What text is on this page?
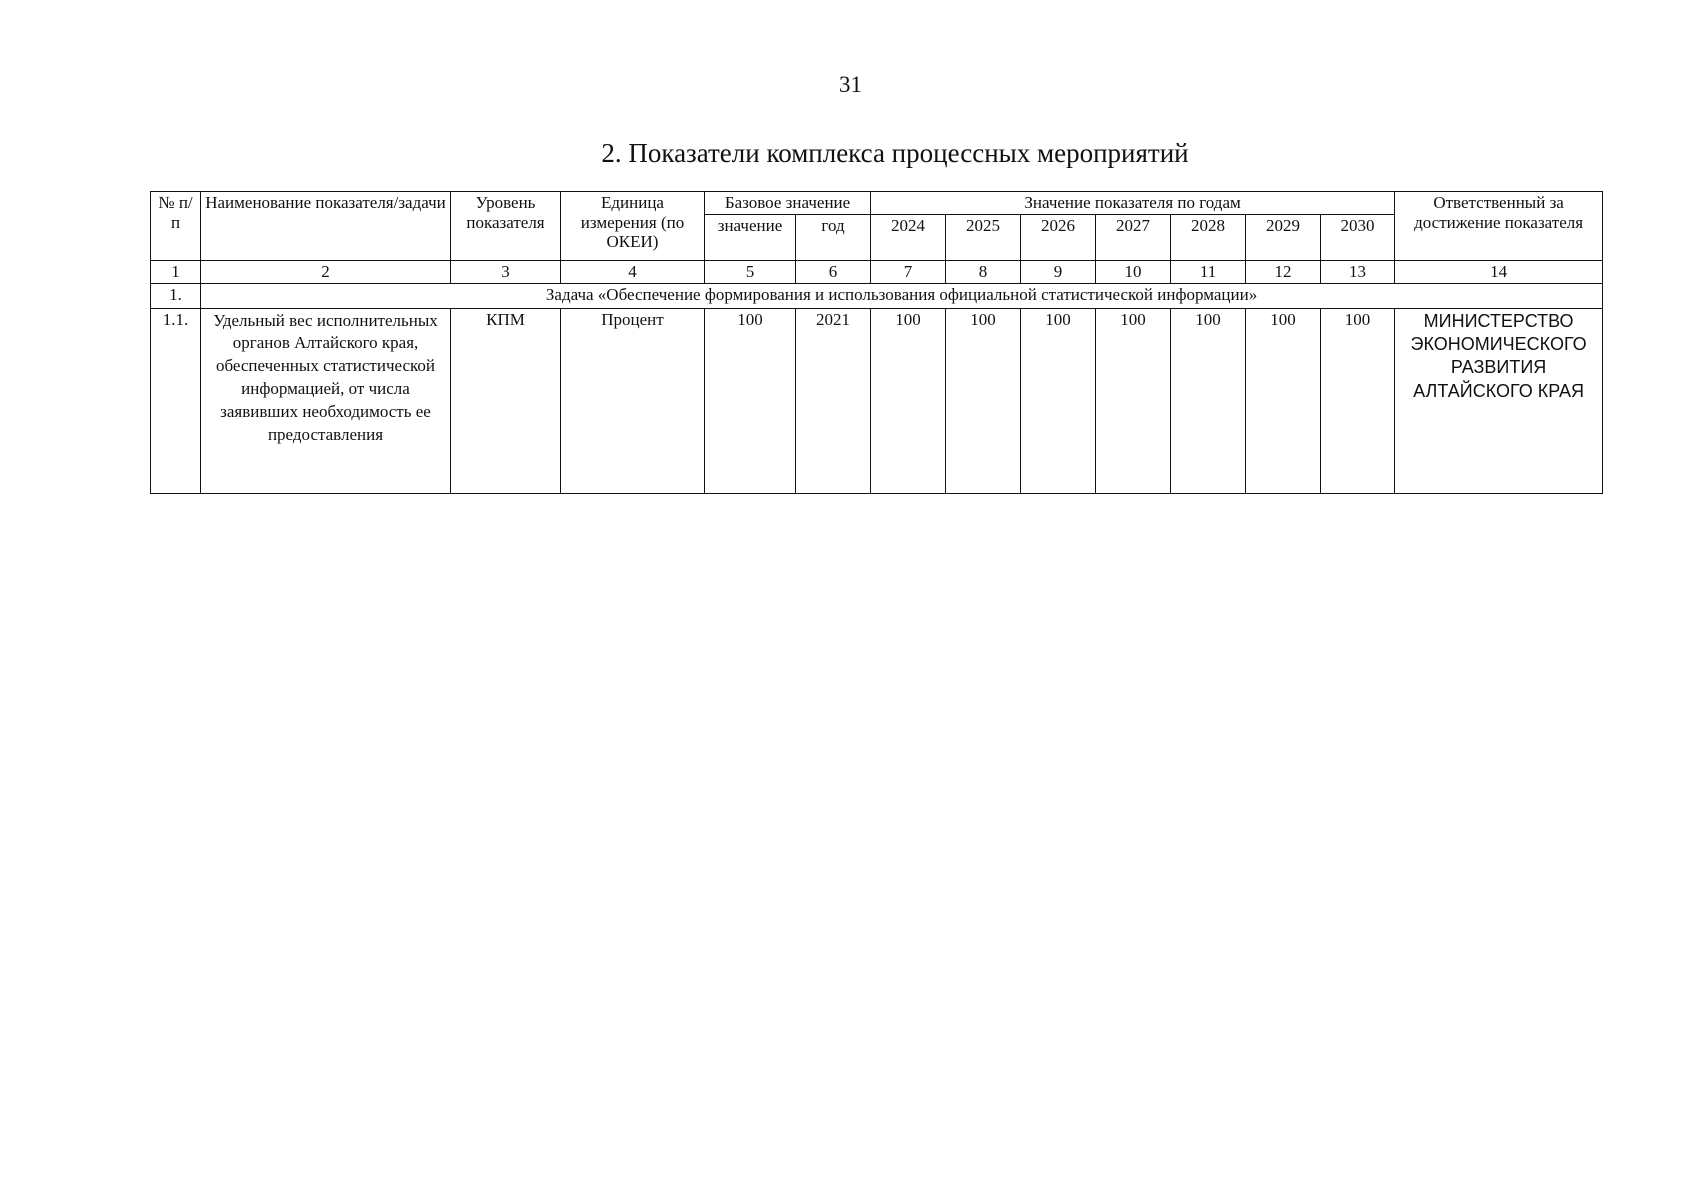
31
2. Показатели комплекса процессных мероприятий
№ п/п	Наименование показателя/задачи	Уровень показателя	Единица измерения (по ОКЕИ)	Базовое значение		Значение показателя по годам							Ответственный за достижение показателя
				значение	год	2024	2025	2026	2027	2028	2029	2030	
1	2	3	4	5	6	7	8	9	10	11	12	13	14
1.	Задача «Обеспечение формирования и использования официальной статистической информации»												
1.1.	Удельный вес исполнительных органов Алтайского края, обеспеченных статистической информацией, от числа заявивших необходимость ее предоставления	КПМ	Процент	100	2021	100	100	100	100	100	100	100	МИНИСТЕРСТВО ЭКОНОМИЧЕСКОГО РАЗВИТИЯ АЛТАЙСКОГО КРАЯ
